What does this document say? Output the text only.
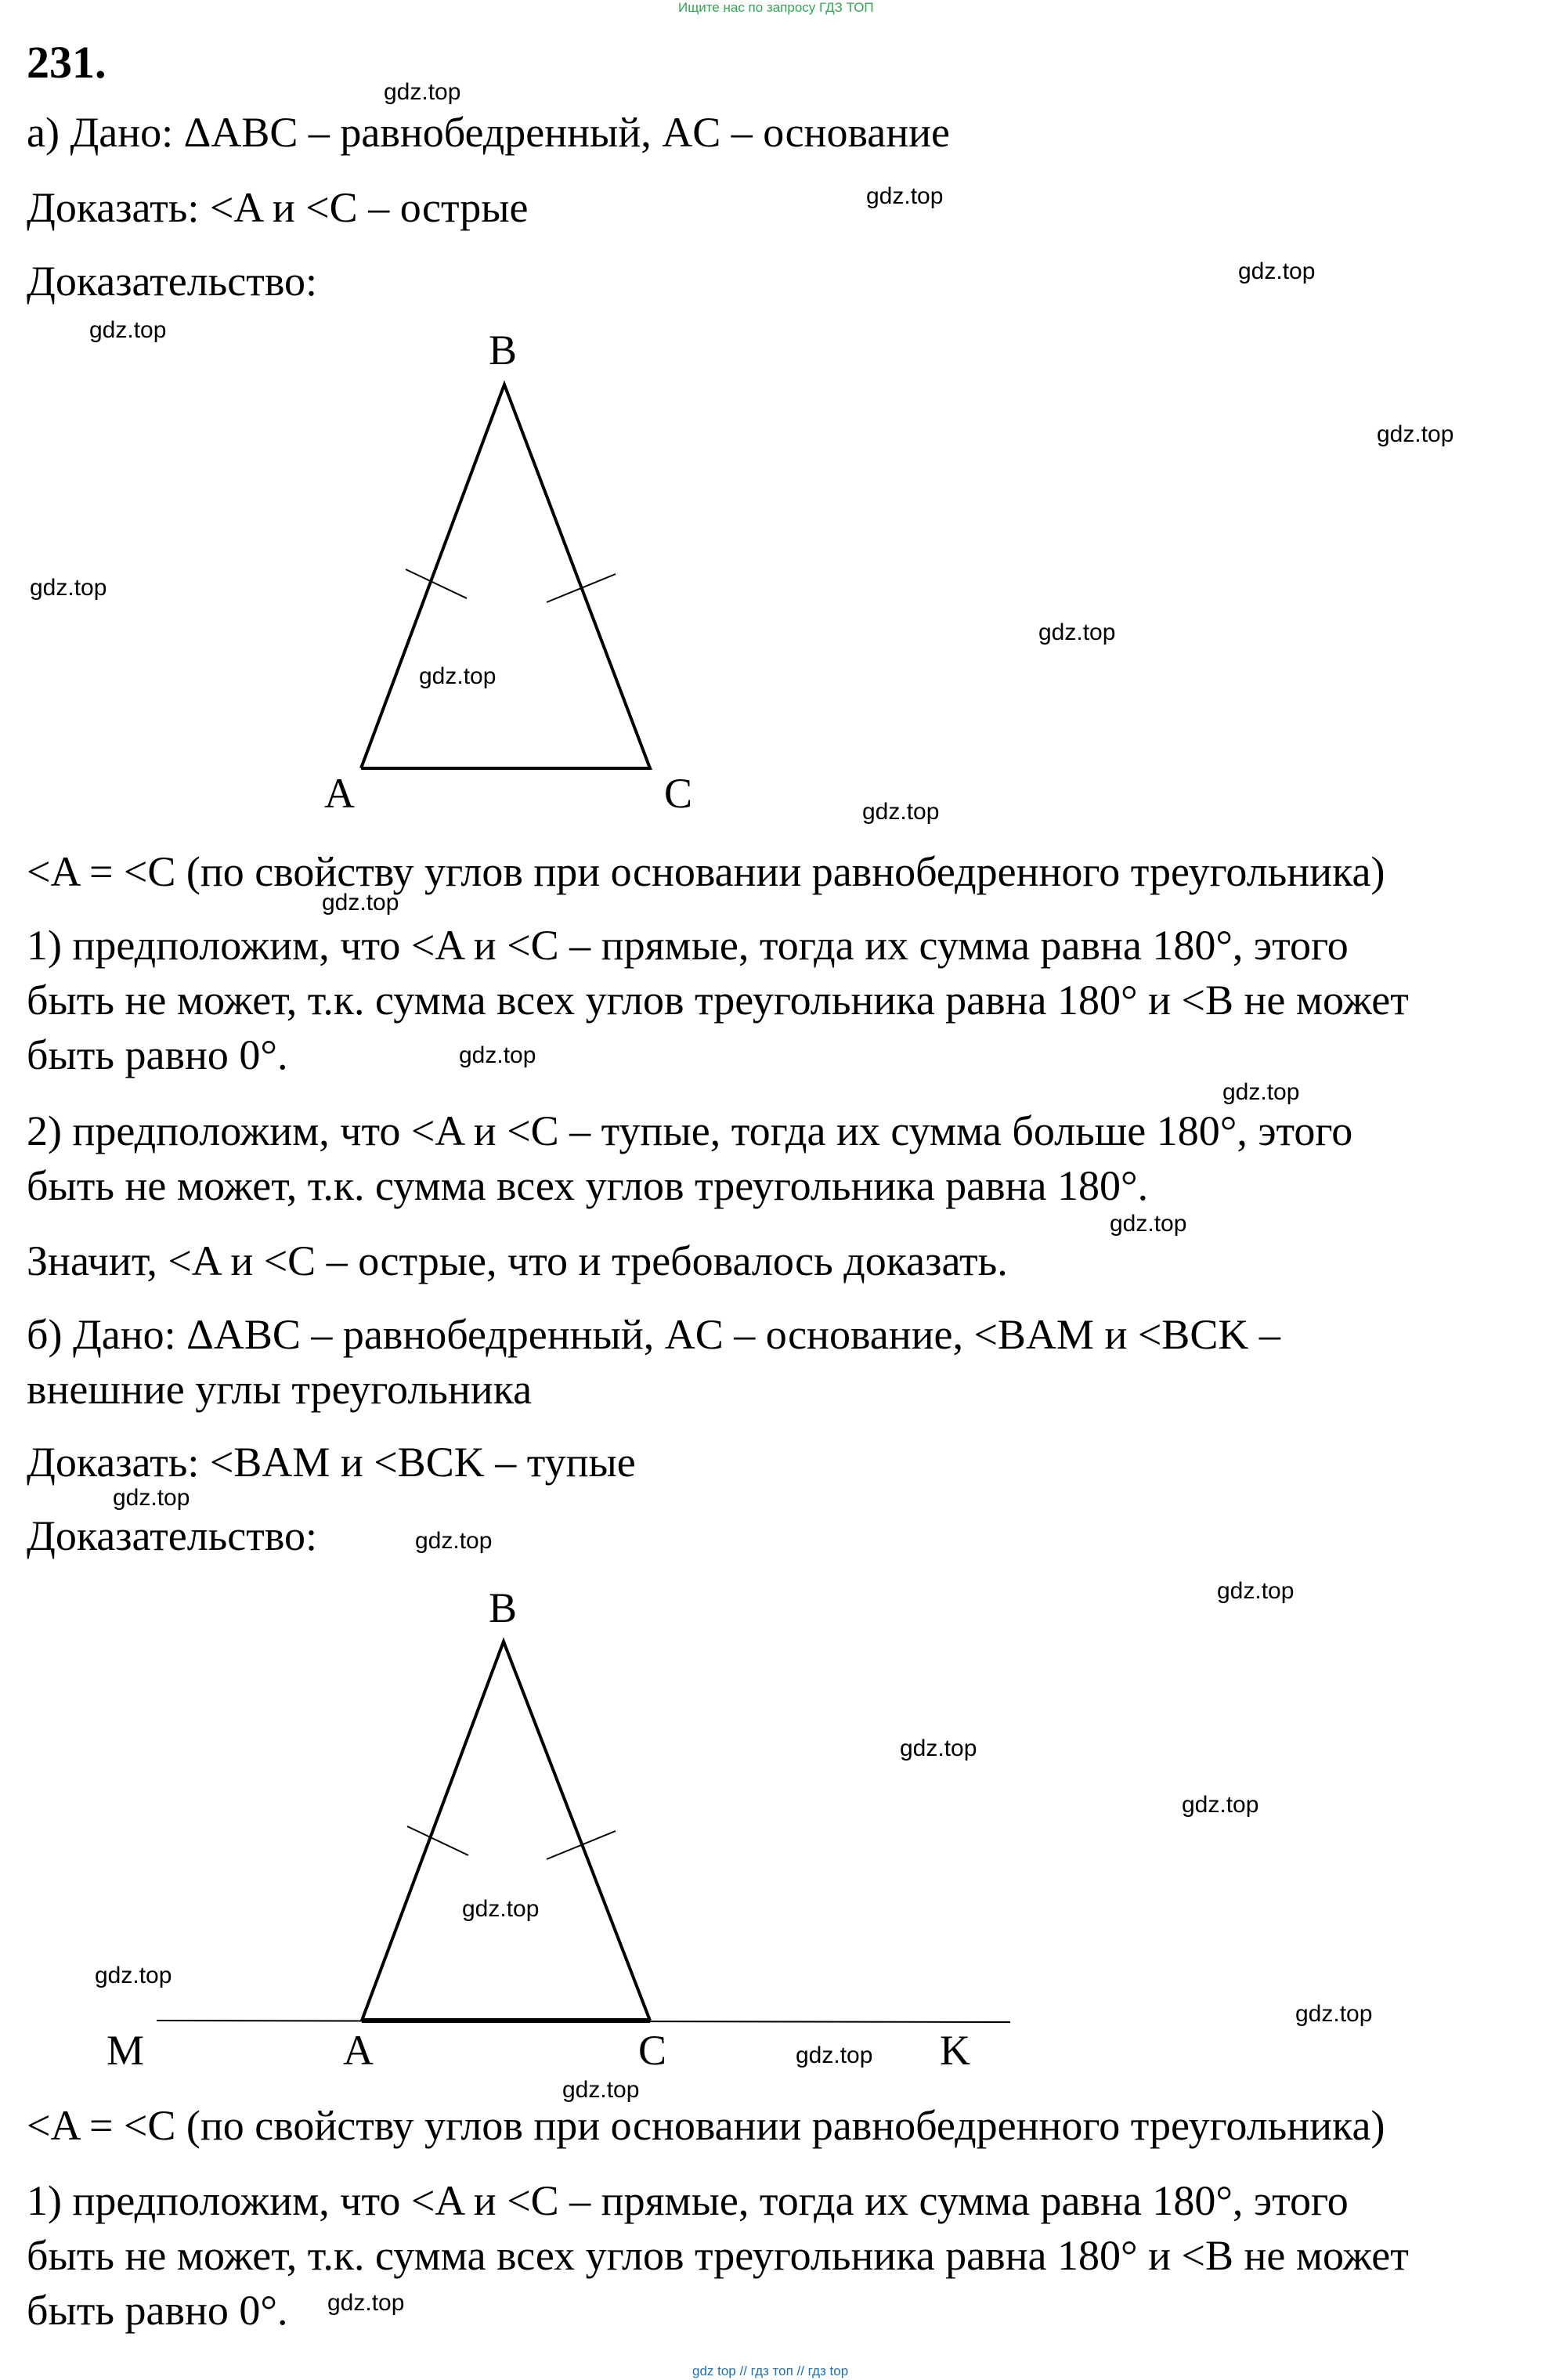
Ищите нас по запросу ГДЗ ТОП
231.
а) Дано: ΔABC – равнобедренный, AC – основание
Доказать: <A и <C – острые
Доказательство:
B
A	C
<A = <C (по свойству углов при основании равнобедренного треугольника)
1) предположим, что <A и <C – прямые, тогда их сумма равна 180°, этого
быть не может, т.к. сумма всех углов треугольника равна 180° и <B не может
быть равно 0°.
2) предположим, что <A и <C – тупые, тогда их сумма больше 180°, этого
быть не может, т.к. сумма всех углов треугольника равна 180°.
Значит, <A и <C – острые, что и требовалось доказать.
б) Дано: ΔABC – равнобедренный, AC – основание, <BAM и <BCK –
внешние углы треугольника
Доказать: <BAM и <BCK – тупые
Доказательство:
B
M	A	C	K
<A = <C (по свойству углов при основании равнобедренного треугольника)
1) предположим, что <A и <C – прямые, тогда их сумма равна 180°, этого
быть не может, т.к. сумма всех углов треугольника равна 180° и <B не может
быть равно 0°.
gdz.top
gdz.top
gdz.top
gdz.top
gdz.top
gdz.top
gdz.top
gdz.top
gdz.top
gdz.top
gdz.top
gdz.top
gdz.top
gdz.top
gdz.top
gdz.top
gdz.top
gdz.top
gdz.top
gdz.top
gdz.top
gdz.top
gdz.top
gdz.top
gdz top // гдз топ // гдз top
